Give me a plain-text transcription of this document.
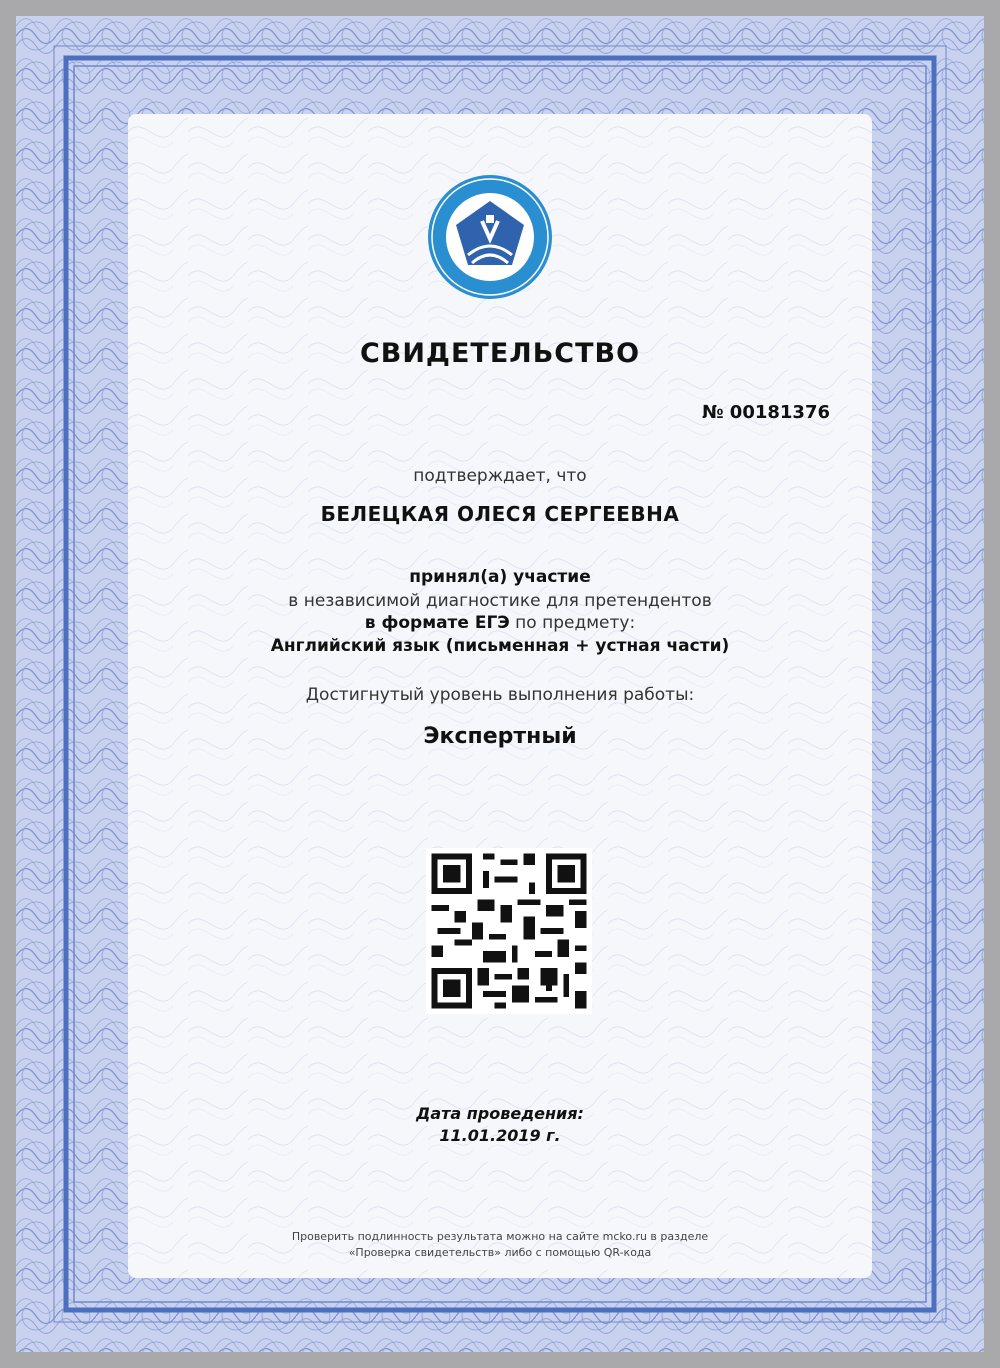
СВИДЕТЕЛЬСТВО
№ 00181376
подтверждает, что
БЕЛЕЦКАЯ ОЛЕСЯ СЕРГЕЕВНА
принял(а) участие
в независимой диагностике для претендентов
в формате ЕГЭ по предмету:
Английский язык (письменная + устная части)
Достигнутый уровень выполнения работы:
Экспертный
Дата проведения:
11.01.2019 г.
Проверить подлинность результата можно на сайте mcko.ru в разделе
«Проверка свидетельств» либо с помощью QR-кода
